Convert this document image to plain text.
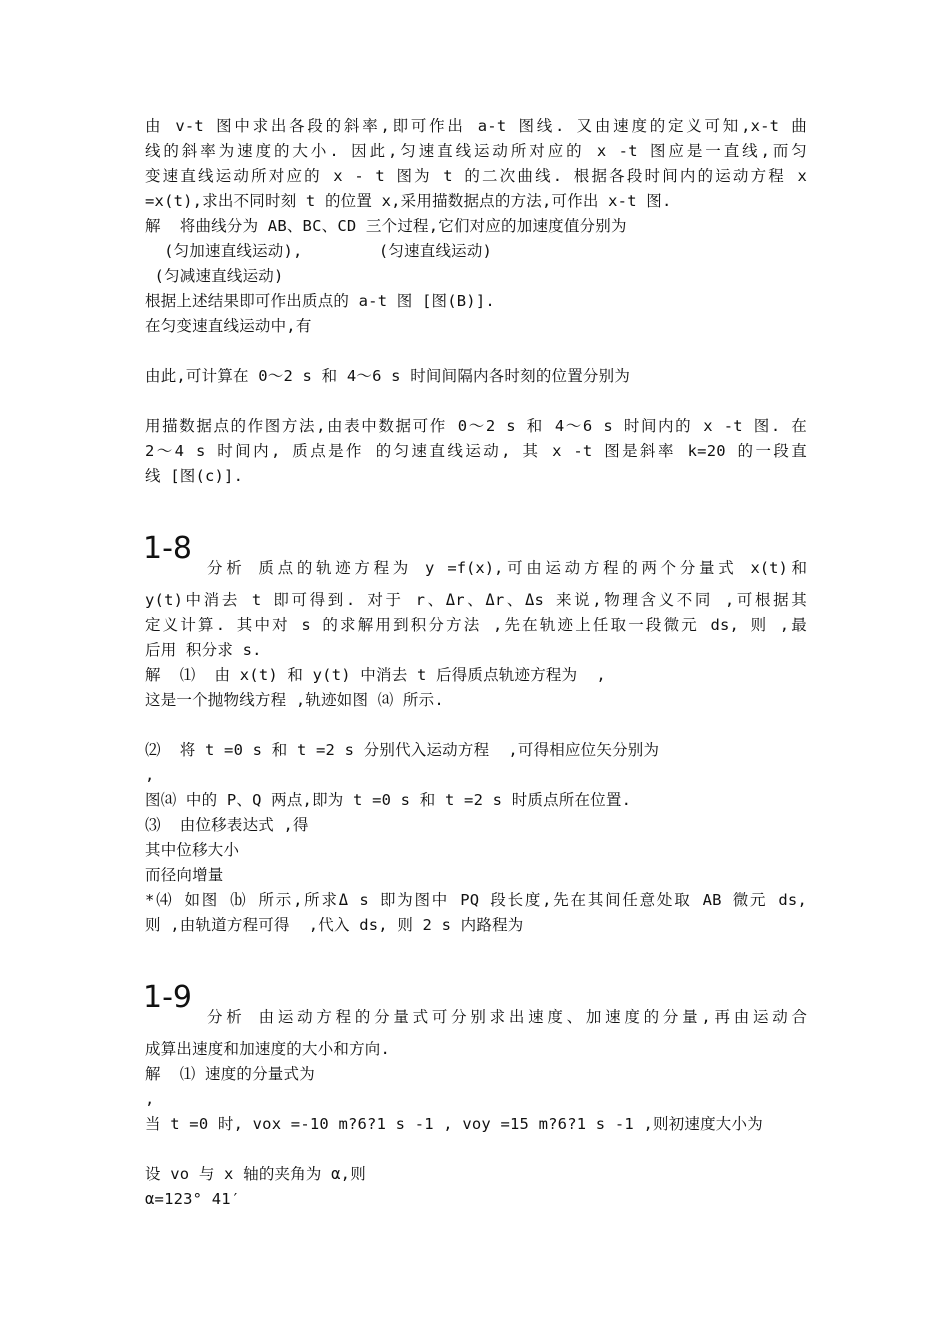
由 v-t 图中求出各段的斜率,即可作出 a-t 图线. 又由速度的定义可知,x-t 曲
线的斜率为速度的大小. 因此,匀速直线运动所对应的 x -t 图应是一直线,而匀
变速直线运动所对应的 x - t 图为 t 的二次曲线. 根据各段时间内的运动方程 x
=x(t),求出不同时刻 t 的位置 x,采用描数据点的方法,可作出 x-t 图.
解  将曲线分为 AB、BC、CD 三个过程,它们对应的加速度值分别为
(匀加速直线运动),        (匀速直线运动)
(匀减速直线运动)
根据上述结果即可作出质点的 a-t 图 [图(B)].
在匀变速直线运动中,有
由此,可计算在 0～2 s 和 4～6 s 时间间隔内各时刻的位置分别为
用描数据点的作图方法,由表中数据可作 0～2 s 和 4～6 s 时间内的 x -t 图. 在
2～4 s 时间内, 质点是作 的匀速直线运动, 其 x -t 图是斜率 k=20 的一段直
线 [图(c)].
1-8
分析 质点的轨迹方程为 y =f(x),可由运动方程的两个分量式 x(t)和
y(t)中消去 t 即可得到. 对于 r、Δr、Δr、Δs 来说,物理含义不同 ,可根据其
定义计算. 其中对 s 的求解用到积分方法 ,先在轨迹上任取一段微元 ds, 则 ,最
后用 积分求 s.
解  ⑴  由 x(t) 和 y(t) 中消去 t 后得质点轨迹方程为  ,
这是一个抛物线方程 ,轨迹如图 ⒜ 所示.
⑵  将 t =0 s 和 t =2 s 分别代入运动方程  ,可得相应位矢分别为
,
图⒜ 中的 P、Q 两点,即为 t =0 s 和 t =2 s 时质点所在位置.
⑶  由位移表达式 ,得
其中位移大小
而径向增量
*⑷ 如图 ⒝ 所示,所求Δ s 即为图中 PQ 段长度,先在其间任意处取 AB 微元 ds,
则 ,由轨道方程可得  ,代入 ds, 则 2 s 内路程为
1-9
分析 由运动方程的分量式可分别求出速度、加速度的分量,再由运动合
成算出速度和加速度的大小和方向.
解  ⑴ 速度的分量式为
,
当 t =0 时, vox =-10 m?6?1 s -1 , voy =15 m?6?1 s -1 ,则初速度大小为
设 vo 与 x 轴的夹角为 α,则
α=123° 41′
